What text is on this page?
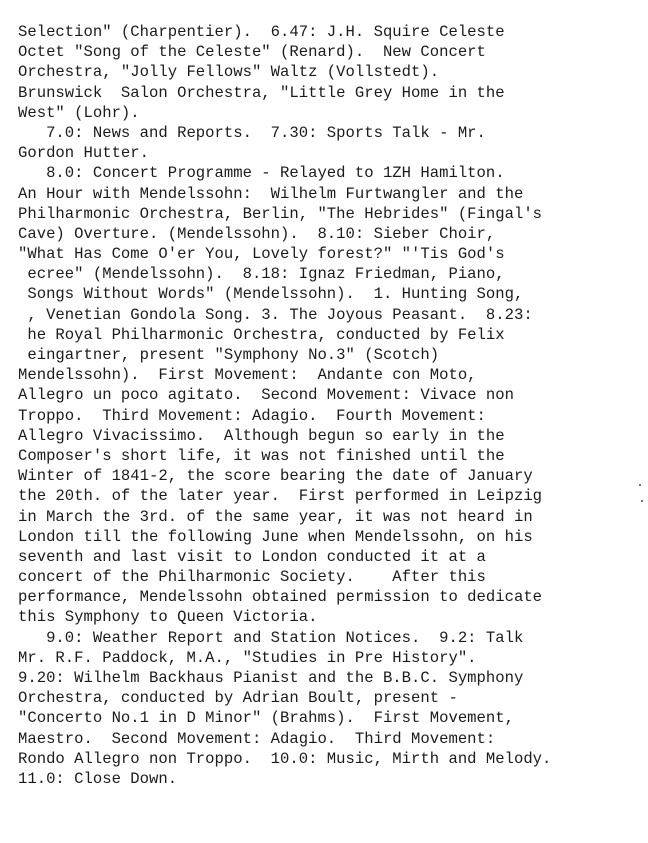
Selection" (Charpentier).  6.47: J.H. Squire Celeste
Octet "Song of the Celeste" (Renard).  New Concert
Orchestra, "Jolly Fellows" Waltz (Vollstedt).
Brunswick  Salon Orchestra, "Little Grey Home in the
West" (Lohr).
7.0: News and Reports.  7.30: Sports Talk - Mr.
Gordon Hutter.
8.0: Concert Programme - Relayed to 1ZH Hamilton.
An Hour with Mendelssohn:  Wilhelm Furtwangler and the
Philharmonic Orchestra, Berlin, "The Hebrides" (Fingal's
Cave) Overture. (Mendelssohn).  8.10: Sieber Choir,
"What Has Come O'er You, Lovely forest?" "'Tis God's
ecree" (Mendelssohn).  8.18: Ignaz Friedman, Piano,
Songs Without Words" (Mendelssohn).  1. Hunting Song,
, Venetian Gondola Song. 3. The Joyous Peasant.  8.23:
he Royal Philharmonic Orchestra, conducted by Felix
eingartner, present "Symphony No.3" (Scotch)
Mendelssohn).  First Movement:  Andante con Moto,
Allegro un poco agitato.  Second Movement: Vivace non
Troppo.  Third Movement: Adagio.  Fourth Movement:
Allegro Vivacissimo.  Although begun so early in the
Composer's short life, it was not finished until the
Winter of 1841-2, the score bearing the date of January
the 20th. of the later year.  First performed in Leipzig
in March the 3rd. of the same year, it was not heard in
London till the following June when Mendelssohn, on his
seventh and last visit to London conducted it at a
concert of the Philharmonic Society.    After this
performance, Mendelssohn obtained permission to dedicate
this Symphony to Queen Victoria.
9.0: Weather Report and Station Notices.  9.2: Talk
Mr. R.F. Paddock, M.A., "Studies in Pre History".
9.20: Wilhelm Backhaus Pianist and the B.B.C. Symphony
Orchestra, conducted by Adrian Boult, present -
"Concerto No.1 in D Minor" (Brahms).  First Movement,
Maestro.  Second Movement: Adagio.  Third Movement:
Rondo Allegro non Troppo.  10.0: Music, Mirth and Melody.
11.0: Close Down.
